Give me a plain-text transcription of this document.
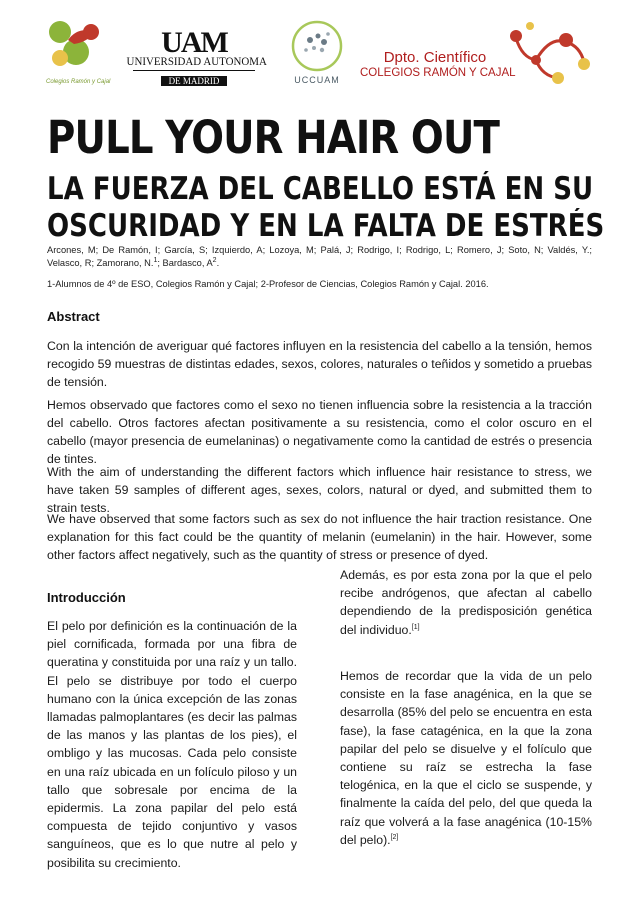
Colegios Ramón y Cajal
UAM
UNIVERSIDAD AUTONOMA
DE MADRID	UCCUAM
Dpto. Científico
COLEGIOS RAMÓN Y CAJAL
PULL YOUR HAIR OUT
LA FUERZA DEL CABELLO ESTÁ EN SU
OSCURIDAD Y EN LA FALTA DE ESTRÉS
Arcones, M; De Ramón, I; García, S; Izquierdo, A; Lozoya, M; Palá, J; Rodrigo, I; Rodrigo, L; Romero, J; Soto, N; Valdés, Y.; Velasco, R; Zamorano, N.$^1$; Bardasco, $A^2$.
1-Alumnos de 4º de ESO, Colegios Ramón y Cajal; 2-Profesor de Ciencias, Colegios Ramón y Cajal. 2016.
Abstract
Con la intención de averiguar qué factores influyen en la resistencia del cabello a la tensión, hemos recogido 59 muestras de distintas edades, sexos, colores, naturales o teñidos y sometido a pruebas de tensión.
Hemos observado que factores como el sexo no tienen influencia sobre la resistencia a la tracción del cabello. Otros factores afectan positivamente a su resistencia, como el color oscuro en el cabello (mayor presencia de eumelaninas) o negativamente como la cantidad de estrés o presencia de tintes.
With the aim of understanding the different factors which influence hair resistance to stress, we have taken 59 samples of different ages, sexes, colors, natural or dyed, and submitted them to strain tests.
We have observed that some factors such as sex do not influence the hair traction resistance. One explanation for this fact could be the quantity of melanin (eumelanin) in the hair. However, some other factors affect negatively, such as the quantity of stress or presence of dyed.
Introducción
El pelo por definición es la continuación de la piel cornificada, formada por una fibra de queratina y constituida por una raíz y un tallo. El pelo se distribuye por todo el cuerpo humano con la única excepción de las zonas llamadas palmoplantares (es decir las palmas de las manos y las plantas de los pies), el ombligo y las mucosas. Cada pelo consiste en una raíz ubicada en un folículo piloso y un tallo que sobresale por encima de la epidermis. La zona papilar del pelo está compuesta de tejido conjuntivo y vasos sanguíneos, que es lo que nutre al pelo y posibilita su crecimiento.
Además, es por esta zona por la que el pelo recibe andrógenos, que afectan al cabello dependiendo de la predisposición genética del individuo.[1]
Hemos de recordar que la vida de un pelo consiste en la fase anagénica, en la que se desarrolla (85% del pelo se encuentra en esta fase), la fase catagénica, en la que la zona papilar del pelo se disuelve y el folículo que contiene su raíz se estrecha la fase telogénica, en la que el ciclo se suspende, y finalmente la caída del pelo, del que queda la raíz que volverá a la fase anagénica (10-15% del pelo).[2]
